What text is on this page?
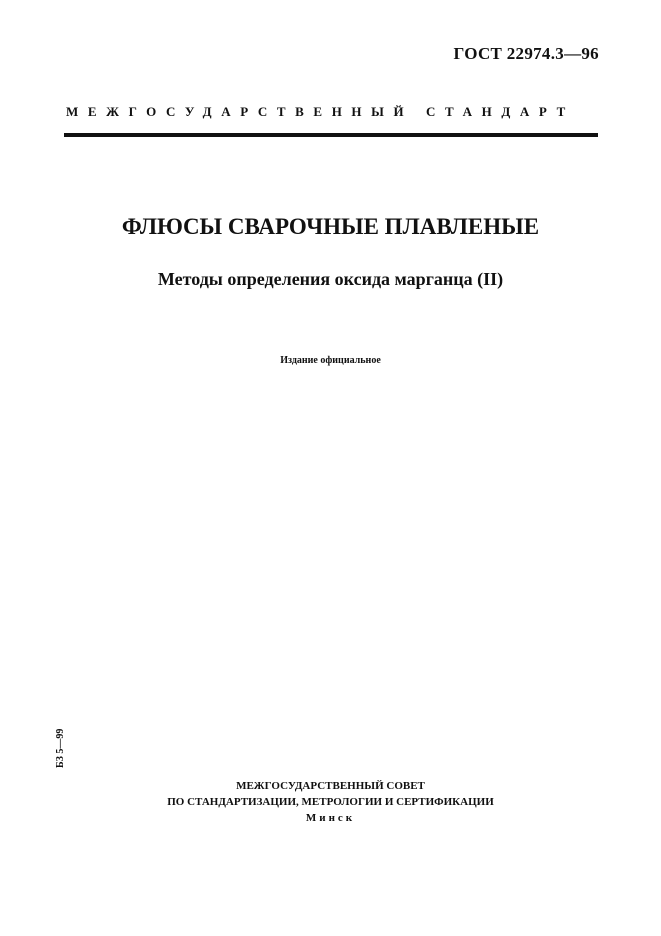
ГОСТ 22974.3—96
МЕЖГОСУДАРСТВЕННЫЙ СТАНДАРТ
ФЛЮСЫ СВАРОЧНЫЕ ПЛАВЛЕНЫЕ
Методы определения оксида марганца (II)
Издание официальное
БЗ 5—99
МЕЖГОСУДАРСТВЕННЫЙ СОВЕТ
ПО СТАНДАРТИЗАЦИИ, МЕТРОЛОГИИ И СЕРТИФИКАЦИИ
Минск
